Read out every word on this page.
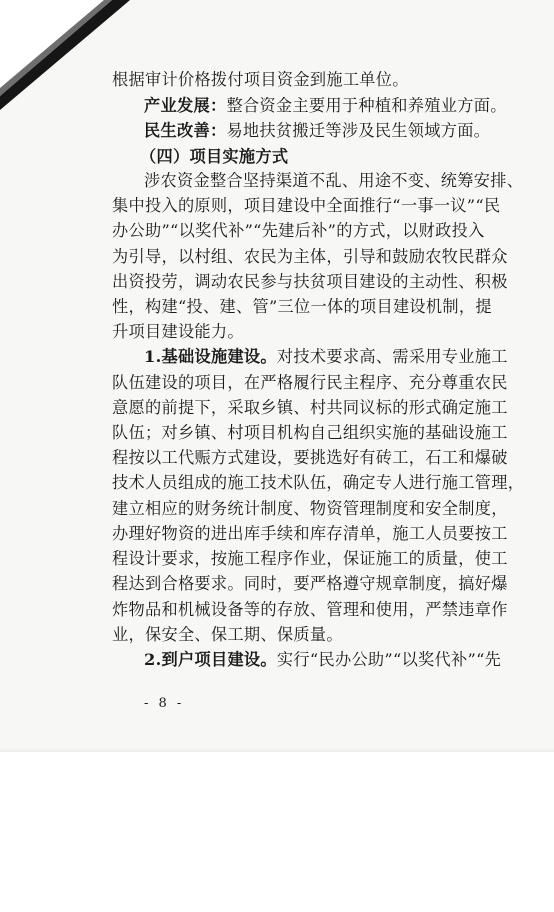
根据审计价格拨付项目资金到施工单位。

产业发展：整合资金主要用于种植和养殖业方面。

民生改善：易地扶贫搬迁等涉及民生领域方面。

（四）项目实施方式

涉农资金整合坚持渠道不乱、用途不变、统筹安排、

集中投入的原则，项目建设中全面推行“一事一议”“民

办公助”“以奖代补”“先建后补”的方式，以财政投入

为引导，以村组、农民为主体，引导和鼓励农牧民群众

出资投劳，调动农民参与扶贫项目建设的主动性、积极

性，构建“投、建、管”三位一体的项目建设机制，提

升项目建设能力。

1.基础设施建设。对技术要求高、需采用专业施工

队伍建设的项目，在严格履行民主程序、充分尊重农民

意愿的前提下，采取乡镇、村共同议标的形式确定施工

队伍；对乡镇、村项目机构自己组织实施的基础设施工

程按以工代赈方式建设，要挑选好有砖工，石工和爆破

技术人员组成的施工技术队伍，确定专人进行施工管理，

建立相应的财务统计制度、物资管理制度和安全制度，

办理好物资的进出库手续和库存清单，施工人员要按工

程设计要求，按施工程序作业，保证施工的质量，使工

程达到合格要求。同时，要严格遵守规章制度，搞好爆

炸物品和机械设备等的存放、管理和使用，严禁违章作

业，保安全、保工期、保质量。

2.到户项目建设。实行“民办公助”“以奖代补”“先

- 8 -
